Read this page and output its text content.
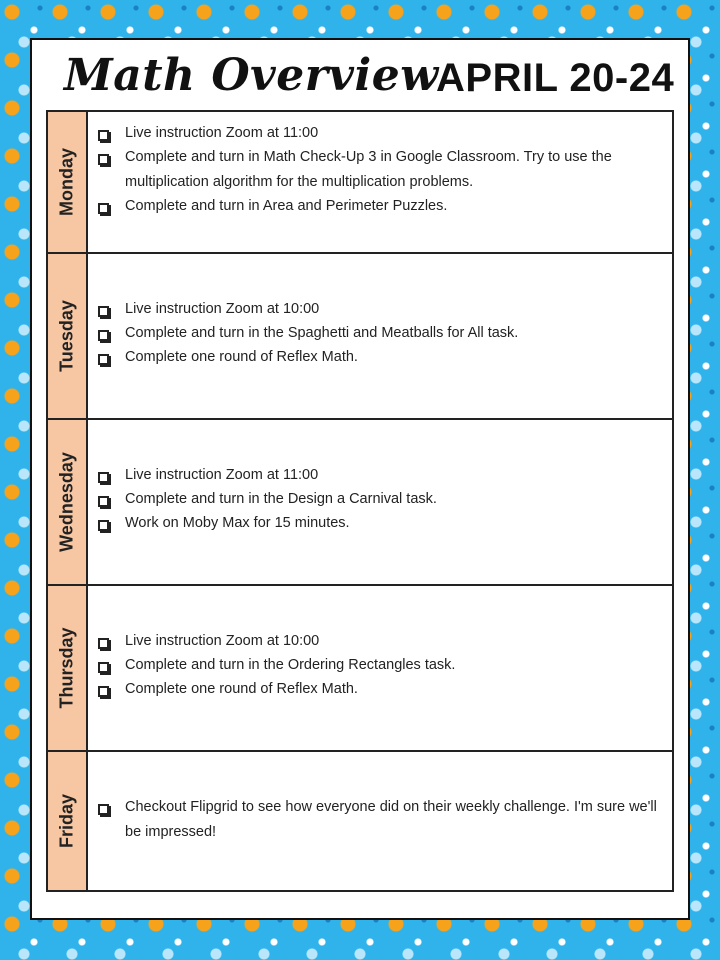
Math Overview
APRIL 20-24
Monday
Live instruction Zoom at 11:00
Complete and turn in Math Check-Up 3 in Google Classroom. Try to use the multiplication algorithm for the multiplication problems.
Complete and turn in Area and Perimeter Puzzles.
Tuesday	Live instruction Zoom at 10:00
Complete and turn in the Spaghetti and Meatballs for All task.
Complete one round of Reflex Math.
Wednesday	Live instruction Zoom at 11:00
Complete and turn in the Design a Carnival task.
Work on Moby Max for 15 minutes.
Thursday	Live instruction Zoom at 10:00
Complete and turn in the Ordering Rectangles task.
Complete one round of Reflex Math.
Friday	Checkout Flipgrid to see how everyone did on their weekly challenge. I'm sure we'll be impressed!
